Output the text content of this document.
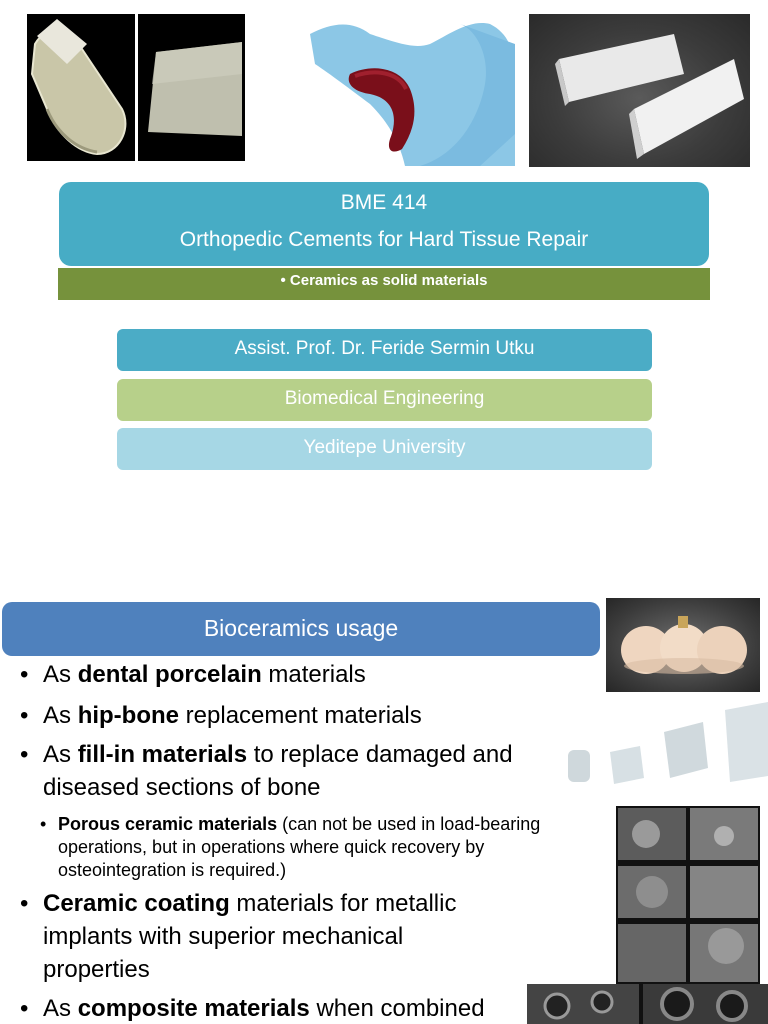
BME 414
Orthopedic Cements for Hard Tissue Repair
• Ceramics as solid materials
Assist. Prof. Dr. Feride Sermin Utku
Biomedical Engineering
Yeditepe University
Bioceramics usage
• As dental porcelain materials
• As hip-bone replacement materials
• As fill-in materials to replace damaged and
diseased sections of bone
• Porous ceramic materials (can not be used in load-bearing
operations, but in operations where quick recovery by
osteointegration is required.)
• Ceramic coating materials for metallic
implants with superior mechanical
properties
• As composite materials when combined
